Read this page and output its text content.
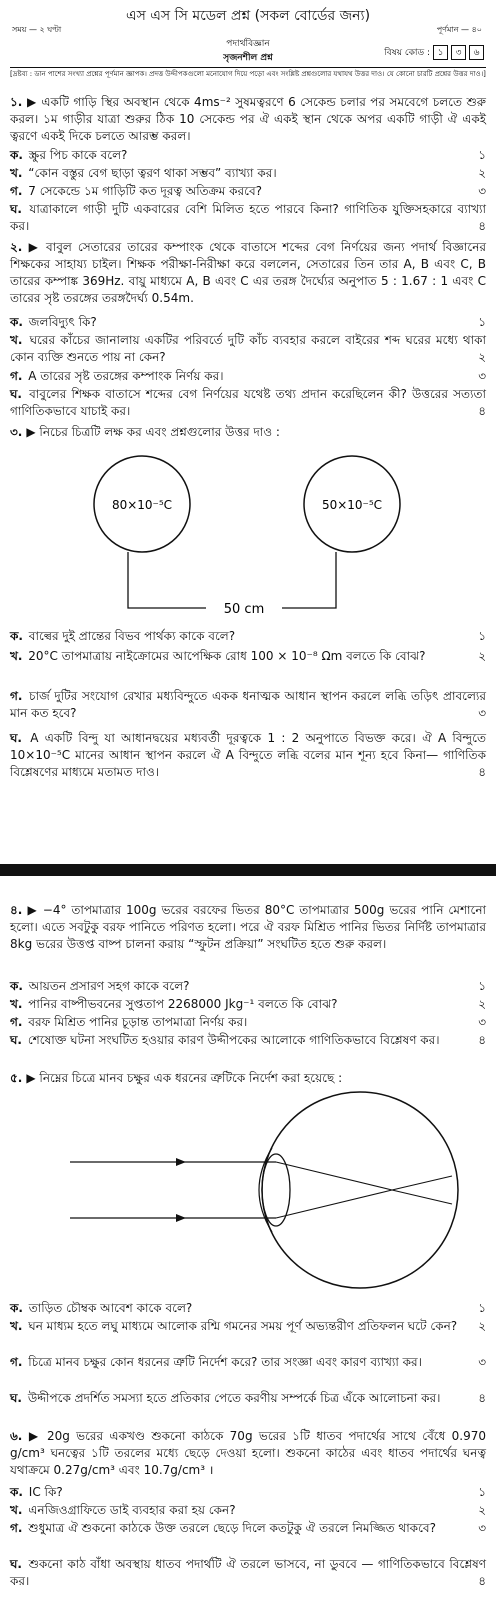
এস এস সি মডেল প্রশ্ন (সকল বোর্ডের জন্য)
সময় — ২ ঘণ্টা	পূর্ণমান — ৪০
পদার্থবিজ্ঞান
সৃজনশীল প্রশ্ন	বিষয় কোড : ১	৩	৬
[দ্রষ্টব্য : ডান পাশের সংখ্যা প্রশ্নের পূর্ণমান জ্ঞাপক। প্রদত্ত উদ্দীপকগুলো মনোযোগ দিয়ে পড়ো এবং সংশ্লিষ্ট প্রশ্নগুলোর যথাযথ উত্তর দাও। যে কোনো চারটি প্রশ্নের উত্তর দাও।]
১. ▶ একটি গাড়ি স্থির অবস্থান থেকে 4ms⁻² সুষমত্বরণে 6 সেকেন্ড চলার পর সমবেগে চলতে শুরু করল। ১ম গাড়ীর যাত্রা শুরুর ঠিক 10 সেকেন্ড পর ঐ একই স্থান থেকে অপর একটি গাড়ী ঐ একই ত্বরণে একই দিকে চলতে আরম্ভ করল।
ক. স্ক্রুর পিচ কাকে বলে?	১
খ. “কোন বস্তুর বেগ ছাড়া ত্বরণ থাকা সম্ভব” ব্যাখ্যা কর।	২
গ. 7 সেকেন্ডে ১ম গাড়িটি কত দূরত্ব অতিক্রম করবে?	৩
ঘ. যাত্রাকালে গাড়ী দুটি একবারের বেশি মিলিত হতে পারবে কিনা? গাণিতিক যুক্তিসহকারে ব্যাখ্যা কর।	৪
২. ▶ বাবুল সেতারের তারের কম্পাংক থেকে বাতাসে শব্দের বেগ নির্ণয়ের জন্য পদার্থ বিজ্ঞানের শিক্ষকের সাহায্য চাইল। শিক্ষক পরীক্ষা-নিরীক্ষা করে বললেন, সেতারের তিন তার A, B এবং C, B তারের কম্পাঙ্ক 369Hz. বায়ু মাধ্যমে A, B এবং C এর তরঙ্গ দৈর্ঘ্যের অনুপাত 5 : 1.67 : 1 এবং C তারের সৃষ্ট তরঙ্গের তরঙ্গদৈর্ঘ্য 0.54m.
ক. জলবিদ্যুৎ কি?	১
খ. ঘরের কাঁচের জানালায় একটির পরিবর্তে দুটি কাঁচ ব্যবহার করলে বাইরের শব্দ ঘরের মধ্যে থাকা কোন ব্যক্তি শুনতে পায় না কেন?	২
গ. A তারের সৃষ্ট তরঙ্গের কম্পাংক নির্ণয় কর।	৩
ঘ. বাবুলের শিক্ষক বাতাসে শব্দের বেগ নির্ণয়ের যথেষ্ট তথ্য প্রদান করেছিলেন কী? উত্তরের সত্যতা গাণিতিকভাবে যাচাই কর।	৪
৩. ▶ নিচের চিত্রটি লক্ষ কর এবং প্রশ্নগুলোর উত্তর দাও :
80×10⁻⁵C	50×10⁻⁵C
50 cm
ক. বাল্বের দুই প্রান্তের বিভব পার্থক্য কাকে বলে?	১
খ. 20°C তাপমাত্রায় নাইক্রোমের আপেক্ষিক রোধ 100 × 10⁻⁸ Ωm বলতে কি বোঝ?	২
গ. চার্জ দুটির সংযোগ রেখার মধ্যবিন্দুতে একক ধনাত্মক আধান স্থাপন করলে লব্ধি তড়িৎ প্রাবল্যের মান কত হবে?	৩
ঘ. A একটি বিন্দু যা আধানদ্বয়ের মধ্যবর্তী দূরত্বকে 1 : 2 অনুপাতে বিভক্ত করে। ঐ A বিন্দুতে 10×10⁻⁵C মানের আধান স্থাপন করলে ঐ A বিন্দুতে লব্ধি বলের মান শূন্য হবে কিনা— গাণিতিক বিশ্লেষণের মাধ্যমে মতামত দাও।	৪
৪. ▶ −4° তাপমাত্রার 100g ভরের বরফের ভিতর 80°C তাপমাত্রার 500g ভরের পানি মেশানো হলো। এতে সবটুকু বরফ পানিতে পরিণত হলো। পরে ঐ বরফ মিশ্রিত পানির ভিতর নির্দিষ্ট তাপমাত্রার 8kg ভরের উত্তপ্ত বাষ্প চালনা করায় “স্ফুটন প্রক্রিয়া” সংঘটিত হতে শুরু করল।
ক. আয়তন প্রসারণ সহগ কাকে বলে?	১
খ. পানির বাষ্পীভবনের সুপ্ততাপ 2268000 Jkg⁻¹ বলতে কি বোঝ?	২
গ. বরফ মিশ্রিত পানির চূড়ান্ত তাপমাত্রা নির্ণয় কর।	৩
ঘ. শেষোক্ত ঘটনা সংঘটিত হওয়ার কারণ উদ্দীপকের আলোকে গাণিতিকভাবে বিশ্লেষণ কর।	৪
৫. ▶ নিম্নের চিত্রে মানব চক্ষুর এক ধরনের ত্রুটিকে নির্দেশ করা হয়েছে :
ক. তাড়িত চৌম্বক আবেশ কাকে বলে?	১
খ. ঘন মাধ্যম হতে লঘু মাধ্যমে আলোক রশ্মি গমনের সময় পূর্ণ অভ্যন্তরীণ প্রতিফলন ঘটে কেন? ২
গ. চিত্রে মানব চক্ষুর কোন ধরনের ত্রুটি নির্দেশ করে? তার সংজ্ঞা এবং কারণ ব্যাখ্যা কর।	৩
ঘ. উদ্দীপকে প্রদর্শিত সমস্যা হতে প্রতিকার পেতে করণীয় সম্পর্কে চিত্র এঁকে আলোচনা কর।	৪
৬. ▶ 20g ভরের একখণ্ড শুকনো কাঠকে 70g ভরের ১টি ধাতব পদার্থের সাথে বেঁধে 0.970 g/cm³ ঘনত্বের ১টি তরলের মধ্যে ছেড়ে দেওয়া হলো। শুকনো কাঠের এবং ধাতব পদার্থের ঘনত্ব যথাক্রমে 0.27g/cm³ এবং 10.7g/cm³ ।
ক. IC কি?	১
খ. এনজিওগ্রাফিতে ডাই ব্যবহার করা হয় কেন?	২
গ. শুধুমাত্র ঐ শুকনো কাঠকে উক্ত তরলে ছেড়ে দিলে কতটুকু ঐ তরলে নিমজ্জিত থাকবে?	৩
ঘ. শুকনো কাঠ বাঁধা অবস্থায় ধাতব পদার্থটি ঐ তরলে ভাসবে, না ডুববে — গাণিতিকভাবে বিশ্লেষণ কর।	৪
